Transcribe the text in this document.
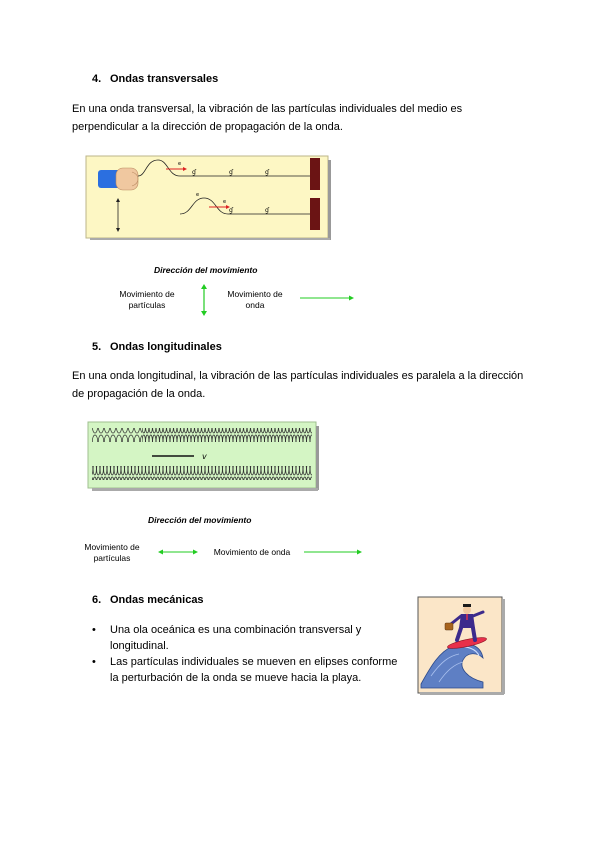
4. Ondas transversales
En una onda transversal, la vibración de las partículas individuales del medio es perpendicular a la dirección de propagación de la onda.
e
ɠ	ɠ	ɠ
e
e
ɠ	ɠ
Dirección del movimiento
Movimiento de partículas
Movimiento de onda
5. Ondas longitudinales
En una onda longitudinal, la vibración de las partículas individuales es paralela a la dirección de propagación de la onda.
v
Dirección del movimiento
Movimiento de partículas
Movimiento de onda
6. Ondas mecánicas
• Una ola oceánica es una combinación transversal y longitudinal.
• Las partículas individuales se mueven en elipses conforme la perturbación de la onda se mueve hacia la playa.
